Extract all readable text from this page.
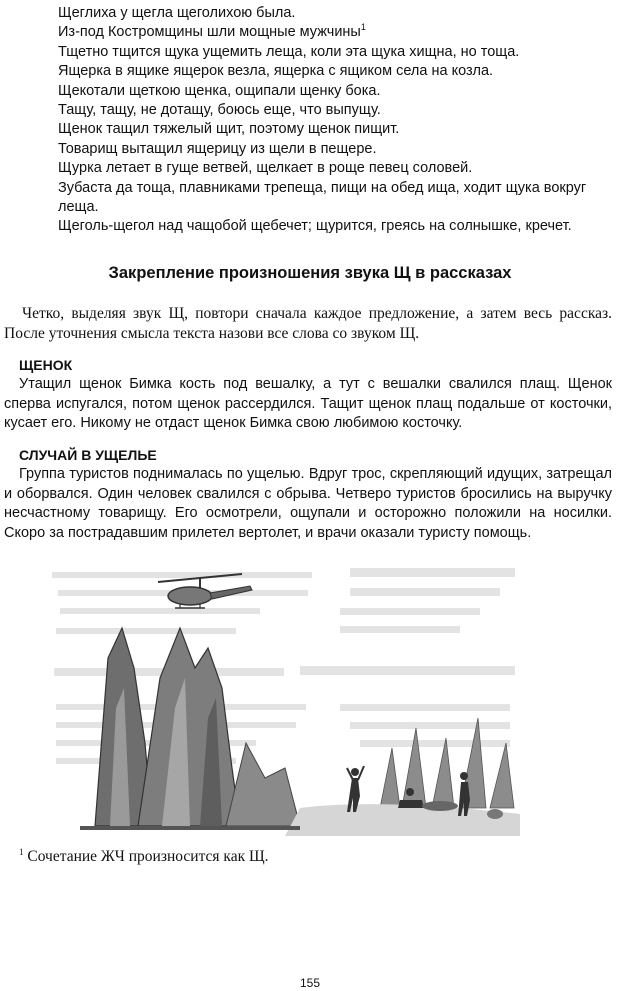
Щеглиха у щегла щеголихою была.
Из-под Костромщины шли мощные мужчины$^1$
Тщетно тщится щука ущемить леща, коли эта щука хищна, но тоща.
Ящерка в ящике ящерок везла, ящерка с ящиком села на козла.
Щекотали щеткою щенка, ощипали щенку бока.
Тащу, тащу, не дотащу, боюсь еще, что выпущу.
Щенок тащил тяжелый щит, поэтому щенок пищит.
Товарищ вытащил ящерицу из щели в пещере.
Щурка летает в гуще ветвей, щелкает в роще певец соловей.
Зубаста да тоща, плавниками трепеща, пищи на обед ища, ходит щука вокруг леща.
Щеголь-щегол над чащобой щебечет; щурится, греясь на солнышке, кречет.
Закрепление произношения звука Щ в рассказах

Четко, выделяя звук Щ, повтори сначала каждое предложение, а затем весь рассказ. После уточнения смысла текста назови все слова со звуком Щ.

ЩЕНОК

Утащил щенок Бимка кость под вешалку, а тут с вешалки свалился плащ. Щенок сперва испугался, потом щенок рассердился. Тащит щенок плащ подальше от косточки, кусает его. Никому не отдаст щенок Бимка свою любимою косточку.

СЛУЧАЙ В УЩЕЛЬЕ

Группа туристов поднималась по ущелью. Вдруг трос, скрепляющий идущих, затрещал и оборвался. Один человек свалился с обрыва. Четверо туристов бросились на выручку несчастному товарищу. Его осмотрели, ощупали и осторожно положили на носилки. Скоро за пострадавшим прилетел вертолет, и врачи оказали туристу помощь.

$^1$ Сочетание ЖЧ произносится как Щ.
155
